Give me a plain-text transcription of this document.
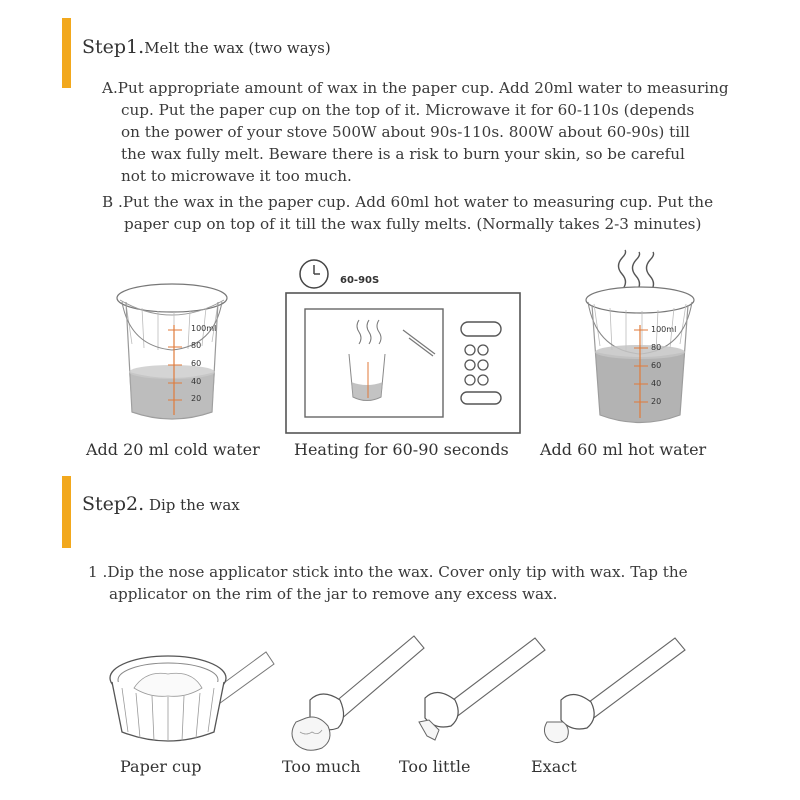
Step1.Melt the wax (two ways)
A.Put appropriate amount of wax in the paper cup. Add 20ml water to measuring
cup. Put the paper cup on the top of it. Microwave it for 60-110s (depends
on the power of your stove 500W about 90s-110s. 800W about 60-90s) till
the wax fully melt. Beware there is a risk to burn your skin, so be careful
not to microwave it too much.
B .Put the wax in the paper cup. Add 60ml hot water to measuring cup. Put the
paper cup on top of it till the wax fully melts. (Normally takes 2-3 minutes)
100ml
80
60
40
20
60-90S
100ml
80
60
40
20
Add 20 ml cold water Heating for 60-90 seconds Add 60 ml hot water
Step2. Dip the wax
1 .Dip the nose applicator stick into the wax. Cover only tip with wax. Tap the
applicator on the rim of the jar to remove any excess wax.
Paper cup	Too much Too little	Exact
